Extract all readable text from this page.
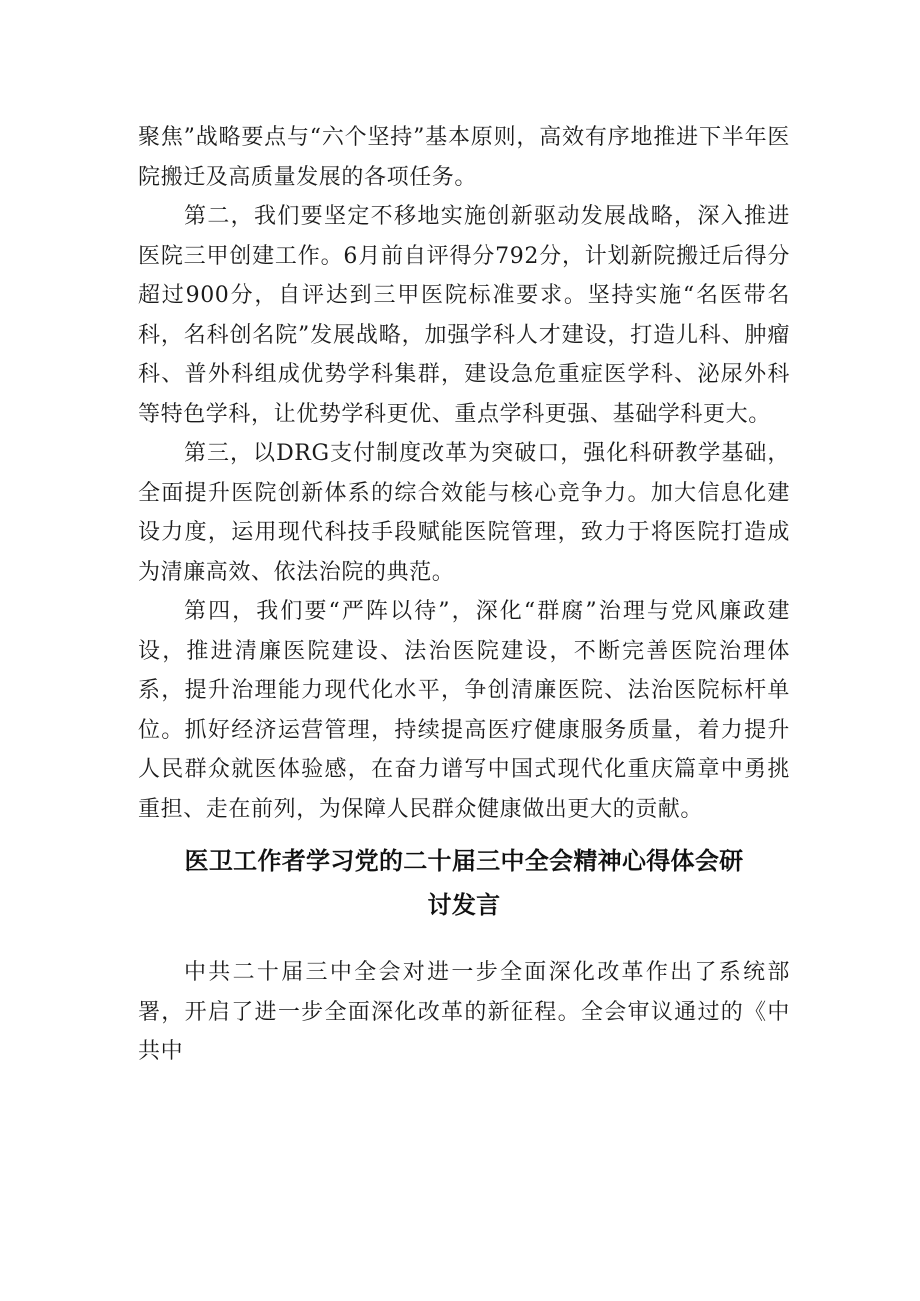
聚焦”战略要点与“六个坚持”基本原则，高效有序地推进下半年医院搬迁及高质量发展的各项任务。

第二，我们要坚定不移地实施创新驱动发展战略，深入推进医院三甲创建工作。6月前自评得分792分，计划新院搬迁后得分超过900分，自评达到三甲医院标准要求。坚持实施“名医带名科，名科创名院”发展战略，加强学科人才建设，打造儿科、肿瘤科、普外科组成优势学科集群，建设急危重症医学科、泌尿外科等特色学科，让优势学科更优、重点学科更强、基础学科更大。

第三，以DRG支付制度改革为突破口，强化科研教学基础，全面提升医院创新体系的综合效能与核心竞争力。加大信息化建设力度，运用现代科技手段赋能医院管理，致力于将医院打造成为清廉高效、依法治院的典范。

第四，我们要“严阵以待”，深化“群腐”治理与党风廉政建设，推进清廉医院建设、法治医院建设，不断完善医院治理体系，提升治理能力现代化水平，争创清廉医院、法治医院标杆单位。抓好经济运营管理，持续提高医疗健康服务质量，着力提升人民群众就医体验感，在奋力谱写中国式现代化重庆篇章中勇挑重担、走在前列，为保障人民群众健康做出更大的贡献。

医卫工作者学习党的二十届三中全会精神心得体会研
讨发言

中共二十届三中全会对进一步全面深化改革作出了系统部署，开启了进一步全面深化改革的新征程。全会审议通过的《中共中
